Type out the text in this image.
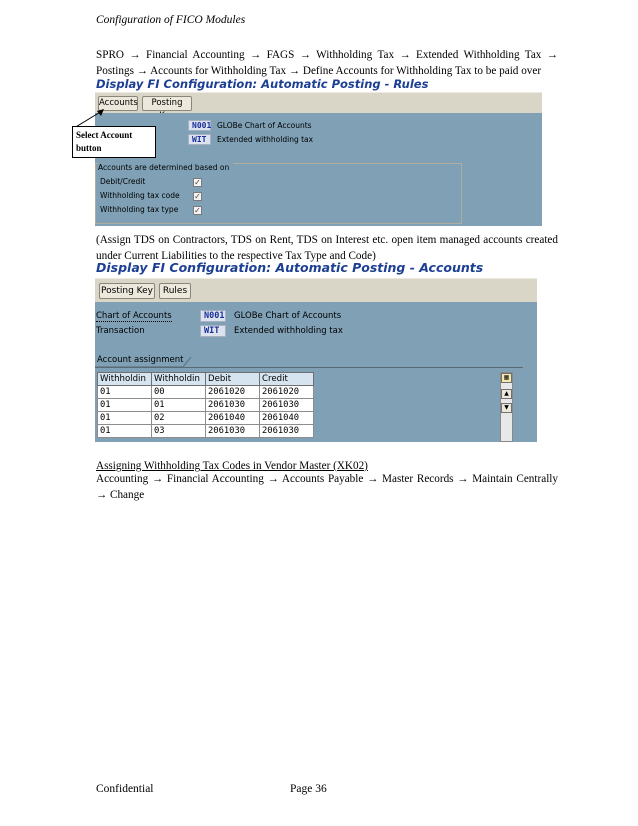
Configuration of FICO Modules
SPRO → Financial Accounting → FAGS → Withholding Tax → Extended Withholding Tax → Postings → Accounts for Withholding Tax → Define Accounts for Withholding Tax to be paid over
Display FI Configuration: Automatic Posting - Rules
Accounts	Posting
N001 GLOBe Chart of Accounts
WIT	Extended withholding tax
Accounts are determined based on
Debit/Credit	✓
Withholding tax code ✓
Withholding tax type ✓
Select Account button
(Assign TDS on Contractors, TDS on Rent, TDS on Interest etc. open item managed accounts created under Current Liabilities to the respective Tax Type and Code)
Display FI Configuration: Automatic Posting - Accounts
Posting Key	Rules
Chart of Accounts	N001 GLOBe Chart of Accounts
Transaction	WIT	Extended withholding tax
Account assignment
Withholdin	Withholdin	Debit	Credit
01	00	2061020	2061020
01	01	2061030	2061030
01	02	2061040	2061040
01	03	2061030	2061030
▦
▲
▼
Assigning Withholding Tax Codes in Vendor Master (XK02)
Accounting → Financial Accounting → Accounts Payable → Master Records → Maintain Centrally → Change
Confidential	Page 36
